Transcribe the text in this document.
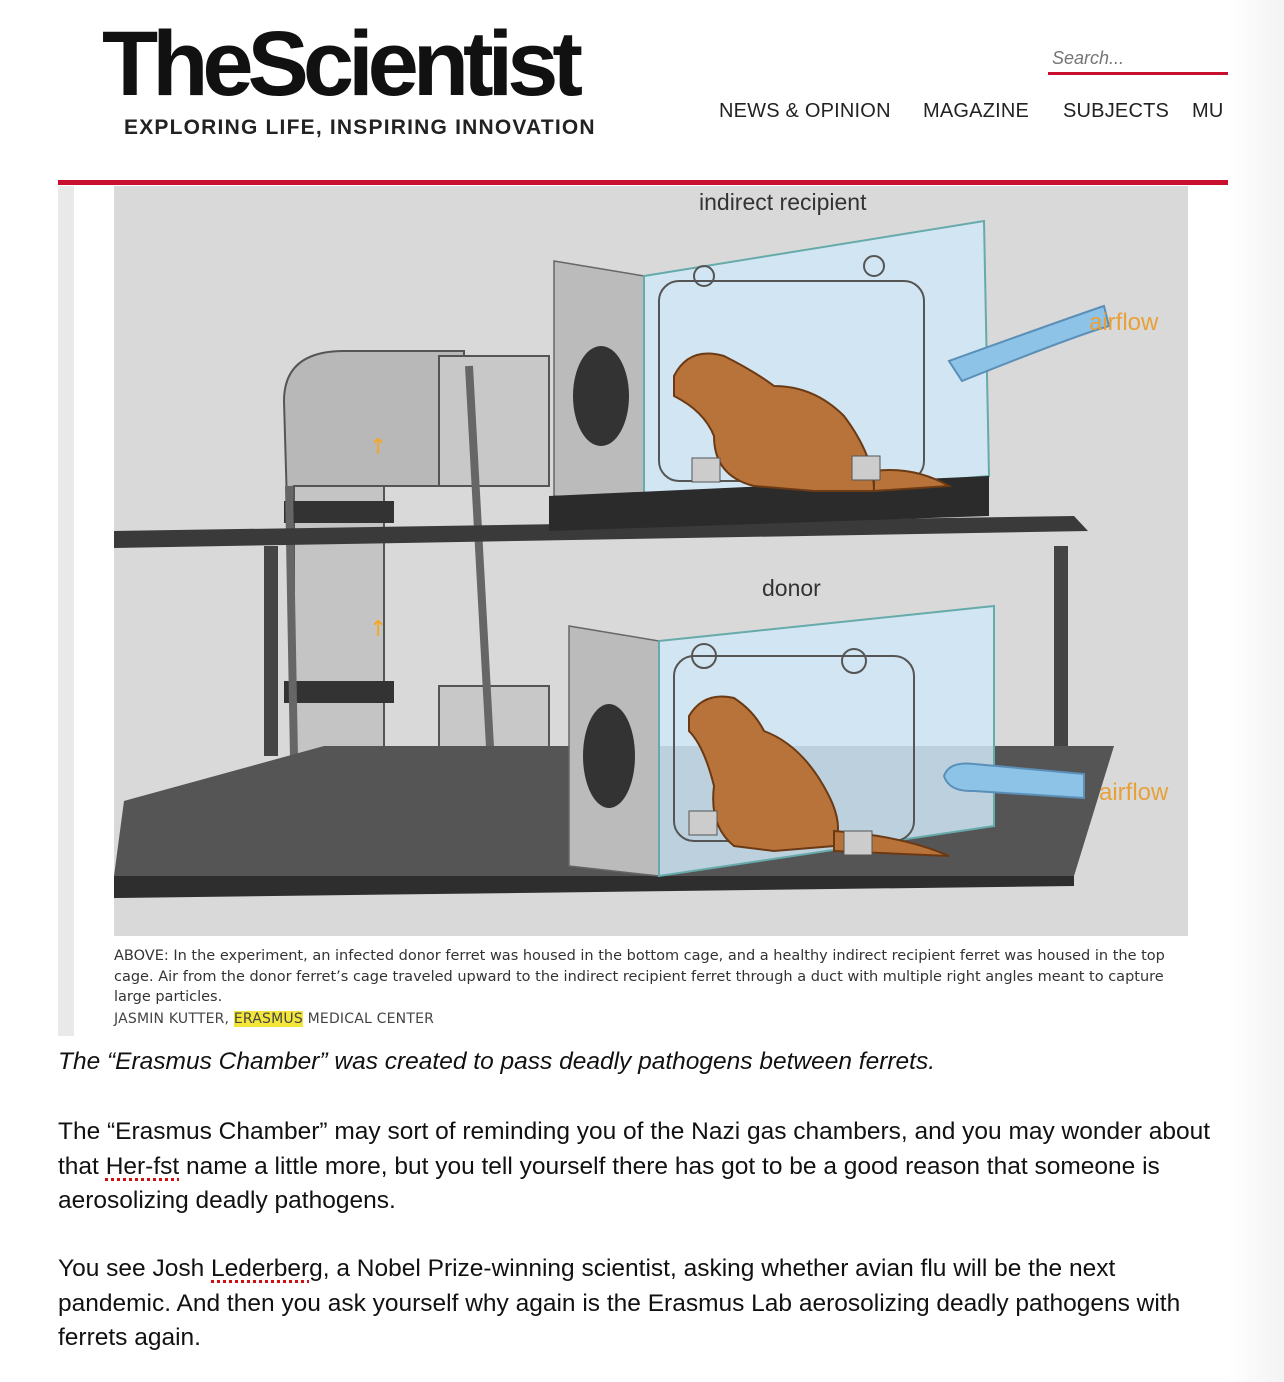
TheScientist
EXPLORING LIFE, INSPIRING INNOVATION
Search...
NEWS & OPINION MAGAZINE SUBJECTS MU
↑
↑
indirect recipient
donor
airflow
airflow
ABOVE: In the experiment, an infected donor ferret was housed in the bottom cage, and a healthy indirect recipient ferret was housed in the top cage. Air from the donor ferret’s cage traveled upward to the indirect recipient ferret through a duct with multiple right angles meant to capture large particles.
JASMIN KUTTER, ERASMUS MEDICAL CENTER
The “Erasmus Chamber” was created to pass deadly pathogens between ferrets.
The “Erasmus Chamber” may sort of reminding you of the Nazi gas chambers, and you may wonder about that Her-fst name a little more, but you tell yourself there has got to be a good reason that someone is aerosolizing deadly pathogens.
You see Josh Lederberg, a Nobel Prize-winning scientist, asking whether avian flu will be the next pandemic. And then you ask yourself why again is the Erasmus Lab aerosolizing deadly pathogens with ferrets again.
